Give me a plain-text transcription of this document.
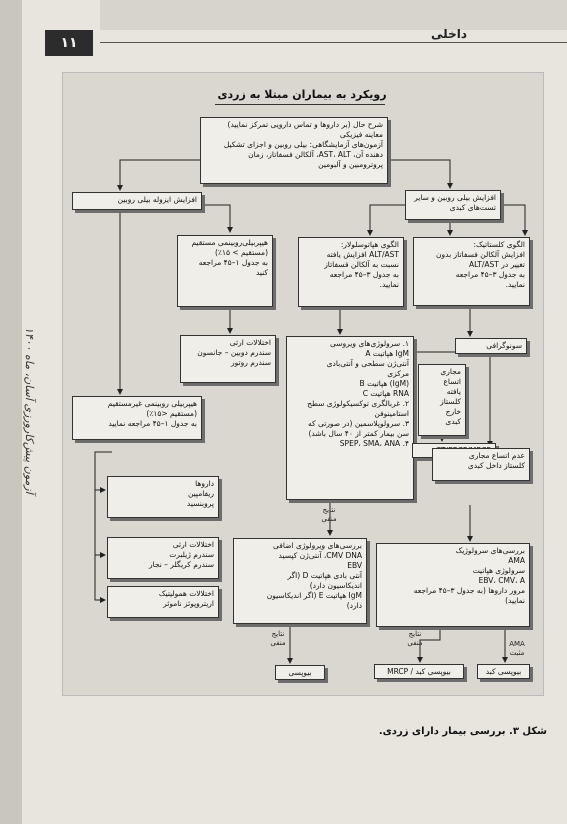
۱۱
داخلی
آزمون پیش‌کارورزی آسان، ماه ۱۴۰۰
رویکرد به بیماران مبتلا به زردی
شرح حال (بر داروها و تماس دارویی تمرکز نمایید)
معاینه فیزیکی
آزمون‌های آزمایشگاهی: بیلی روبین و اجزای تشکیل
دهنده آن، AST، ALT، آلکالن فسفاتاز، زمان
پروترومبین و آلبومین
افزایش ایزوله بیلی روبین	افزایش بیلی روبین و سایر
تست‌های کبدی
هیپربیلی‌روبینمی مستقیم
(مستقیم > ۱۵٪)
به جدول ۱–۴۵ مراجعه
کنید
الگوی هپاتوسلولار:
ALT/AST افزایش یافته
نسبت به آلکالن فسفاتاز
به جدول ۳–۴۵ مراجعه
نمایید.
الگوی کلستاتیک:
افزایش آلکالن فسفاتاز بدون
تغییر در ALT/AST
به جدول ۳–۴۵ مراجعه
نمایید.
اختلالات ارثی
سندرم دوبین – جانسون
سندرم روتور
۱. سرولوژی‌های ویروسی
IgM هپاتیت A
آنتی‌ژن سطحی و آنتی‌بادی
مرکزی
(IgM) هپاتیت B
RNA هپاتیت C
۲. غربالگری توکسیکولوژی سطح
استامینوفن
۳. سرولوپلاسمین (در صورتی که
سن بیمار کمتر از ۴۰ سال باشد)
۴. SPEP، SMA، ANA
سونوگرافی
مجاری اتساع
یافته
کلستاز خارج
کبدی
هیپربیلی روبینمی غیرمستقیم
(مستقیم <۱۵٪)
به جدول ۱–۴۵ مراجعه نمایید
داروها
ریفامپین
پروبنسید
اختلالات ارثی
سندرم ژیلبرت
سندرم کریگلر – نجار
اختلالات همولیتیک
اریتروپوئز ناموثر
عدم اتساع مجاری
کلستاز داخل کبدی
بررسی‌های ویرولوژی اضافی
CMV DNA، آنتی‌ژن کپسید
EBV
آنتی بادی هپاتیت D (اگر
اندیکاسیون دارد)
IgM هپاتیت E (اگر اندیکاسیون
دارد)
بررسی‌های سرولوژیک
AMA
سرولوژی هپاتیت
EBV، CMV، A
مرور داروها (به جدول ۳–۴۵ مراجعه
نمایید)
بیوپسی	بیوپسی کبد / MRCP	بیوپسی کبد
نتایج
منفی
نتایج
منفی
نتایج
منفی	AMA
مثبت
شکل ۳. بررسی بیمار دارای زردی.
